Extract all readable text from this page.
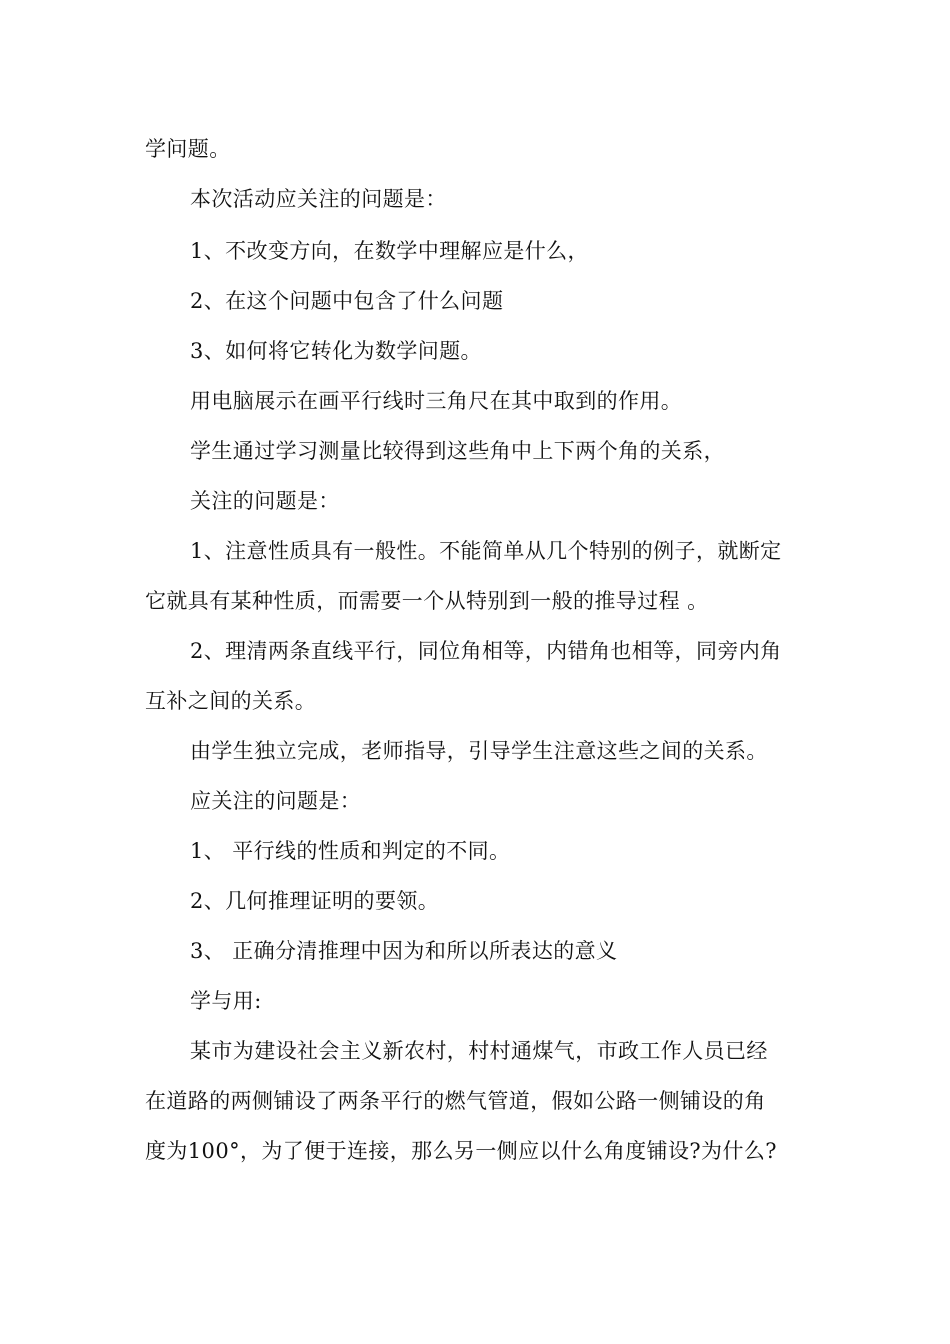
学问题。
本次活动应关注的问题是：
1、不改变方向，在数学中理解应是什么，
2、在这个问题中包含了什么问题
3、如何将它转化为数学问题。
用电脑展示在画平行线时三角尺在其中取到的作用。
学生通过学习测量比较得到这些角中上下两个角的关系，
关注的问题是：
1、注意性质具有一般性。不能简单从几个特别的例子，就断定
它就具有某种性质，而需要一个从特别到一般的推导过程 。
2、理清两条直线平行，同位角相等，内错角也相等，同旁内角
互补之间的关系。
由学生独立完成，老师指导，引导学生注意这些之间的关系。
应关注的问题是：
1、 平行线的性质和判定的不同。
2、几何推理证明的要领。
3、 正确分清推理中因为和所以所表达的意义
学与用:
某市为建设社会主义新农村，村村通煤气，市政工作人员已经
在道路的两侧铺设了两条平行的燃气管道，假如公路一侧铺设的角
度为100°，为了便于连接，那么另一侧应以什么角度铺设?为什么?
